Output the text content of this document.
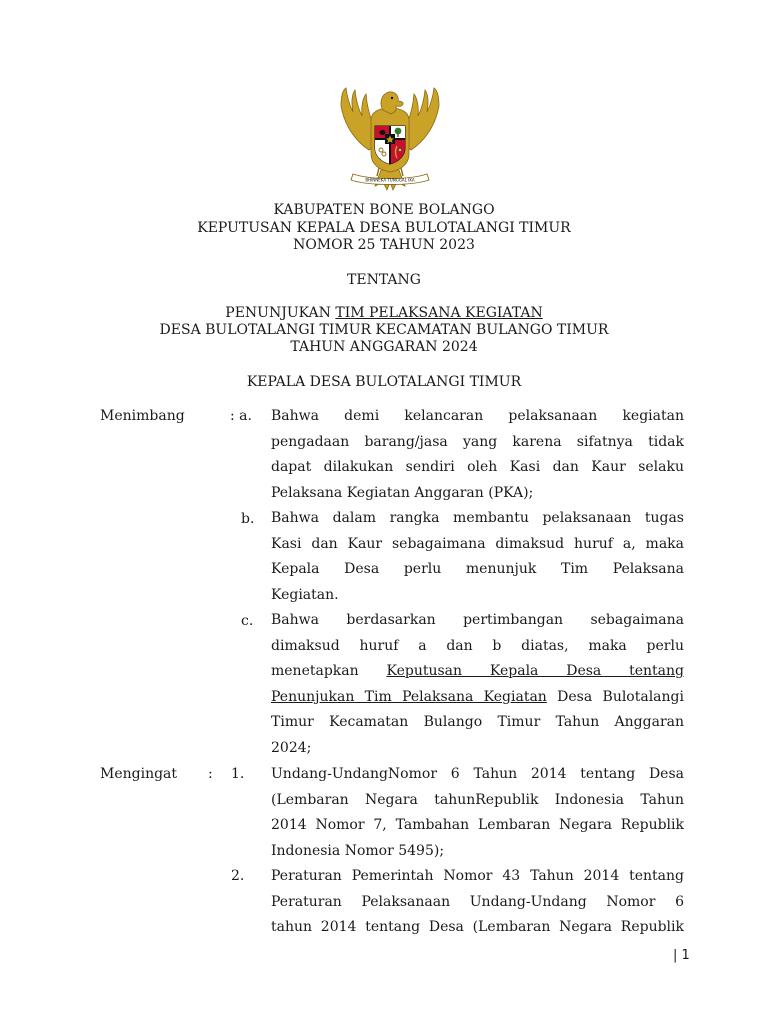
BHINNEKA TUNGGAL IKA
KABUPATEN BONE BOLANGO
KEPUTUSAN KEPALA DESA BULOTALANGI TIMUR
NOMOR 25 TAHUN 2023
TENTANG
PENUNJUKAN TIM PELAKSANA KEGIATAN
DESA BULOTALANGI TIMUR KECAMATAN BULANGO TIMUR
TAHUN ANGGARAN 2024
KEPALA DESA BULOTALANGI TIMUR
Menimbang	: a. Bahwa demi kelancaran pelaksanaan kegiatan
pengadaan barang/jasa yang karena sifatnya tidak
dapat dilakukan sendiri oleh Kasi dan Kaur selaku
Pelaksana Kegiatan Anggaran (PKA);
b. Bahwa dalam rangka membantu pelaksanaan tugas
Kasi dan Kaur sebagaimana dimaksud huruf a, maka
Kepala Desa perlu menunjuk Tim Pelaksana
Kegiatan.
c. Bahwa berdasarkan pertimbangan sebagaimana
dimaksud huruf a dan b diatas, maka perlu
menetapkan Keputusan Kepala Desa tentang
Penunjukan Tim Pelaksana Kegiatan Desa Bulotalangi
Timur Kecamatan Bulango Timur Tahun Anggaran
2024;
Mengingat : 1. Undang-UndangNomor 6 Tahun 2014 tentang Desa
(Lembaran Negara tahunRepublik Indonesia Tahun
2014 Nomor 7, Tambahan Lembaran Negara Republik
Indonesia Nomor 5495);
2. Peraturan Pemerintah Nomor 43 Tahun 2014 tentang
Peraturan Pelaksanaan Undang-Undang Nomor 6
tahun 2014 tentang Desa (Lembaran Negara Republik
| 1
